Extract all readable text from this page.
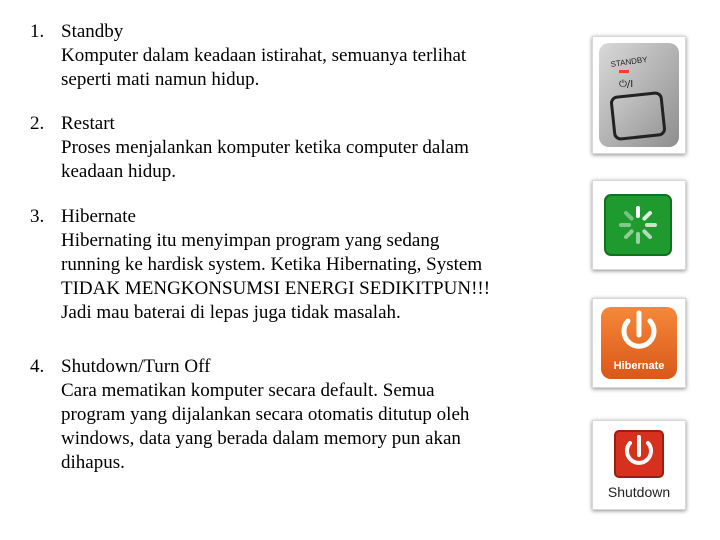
1. Standby
Komputer dalam keadaan istirahat, semuanya terlihat
seperti mati namun hidup.
2. Restart
Proses menjalankan komputer ketika computer dalam
keadaan hidup.
3. Hibernate
Hibernating itu menyimpan program yang sedang
running ke hardisk system. Ketika Hibernating, System
TIDAK MENGKONSUMSI ENERGI SEDIKITPUN!!!
Jadi mau baterai di lepas juga tidak masalah.
4. Shutdown/Turn Off
Cara mematikan komputer secara default. Semua
program yang dijalankan secara otomatis ditutup oleh
windows, data yang berada dalam memory pun akan
dihapus.
STANDBY
⏻/I
Hibernate
Shutdown
